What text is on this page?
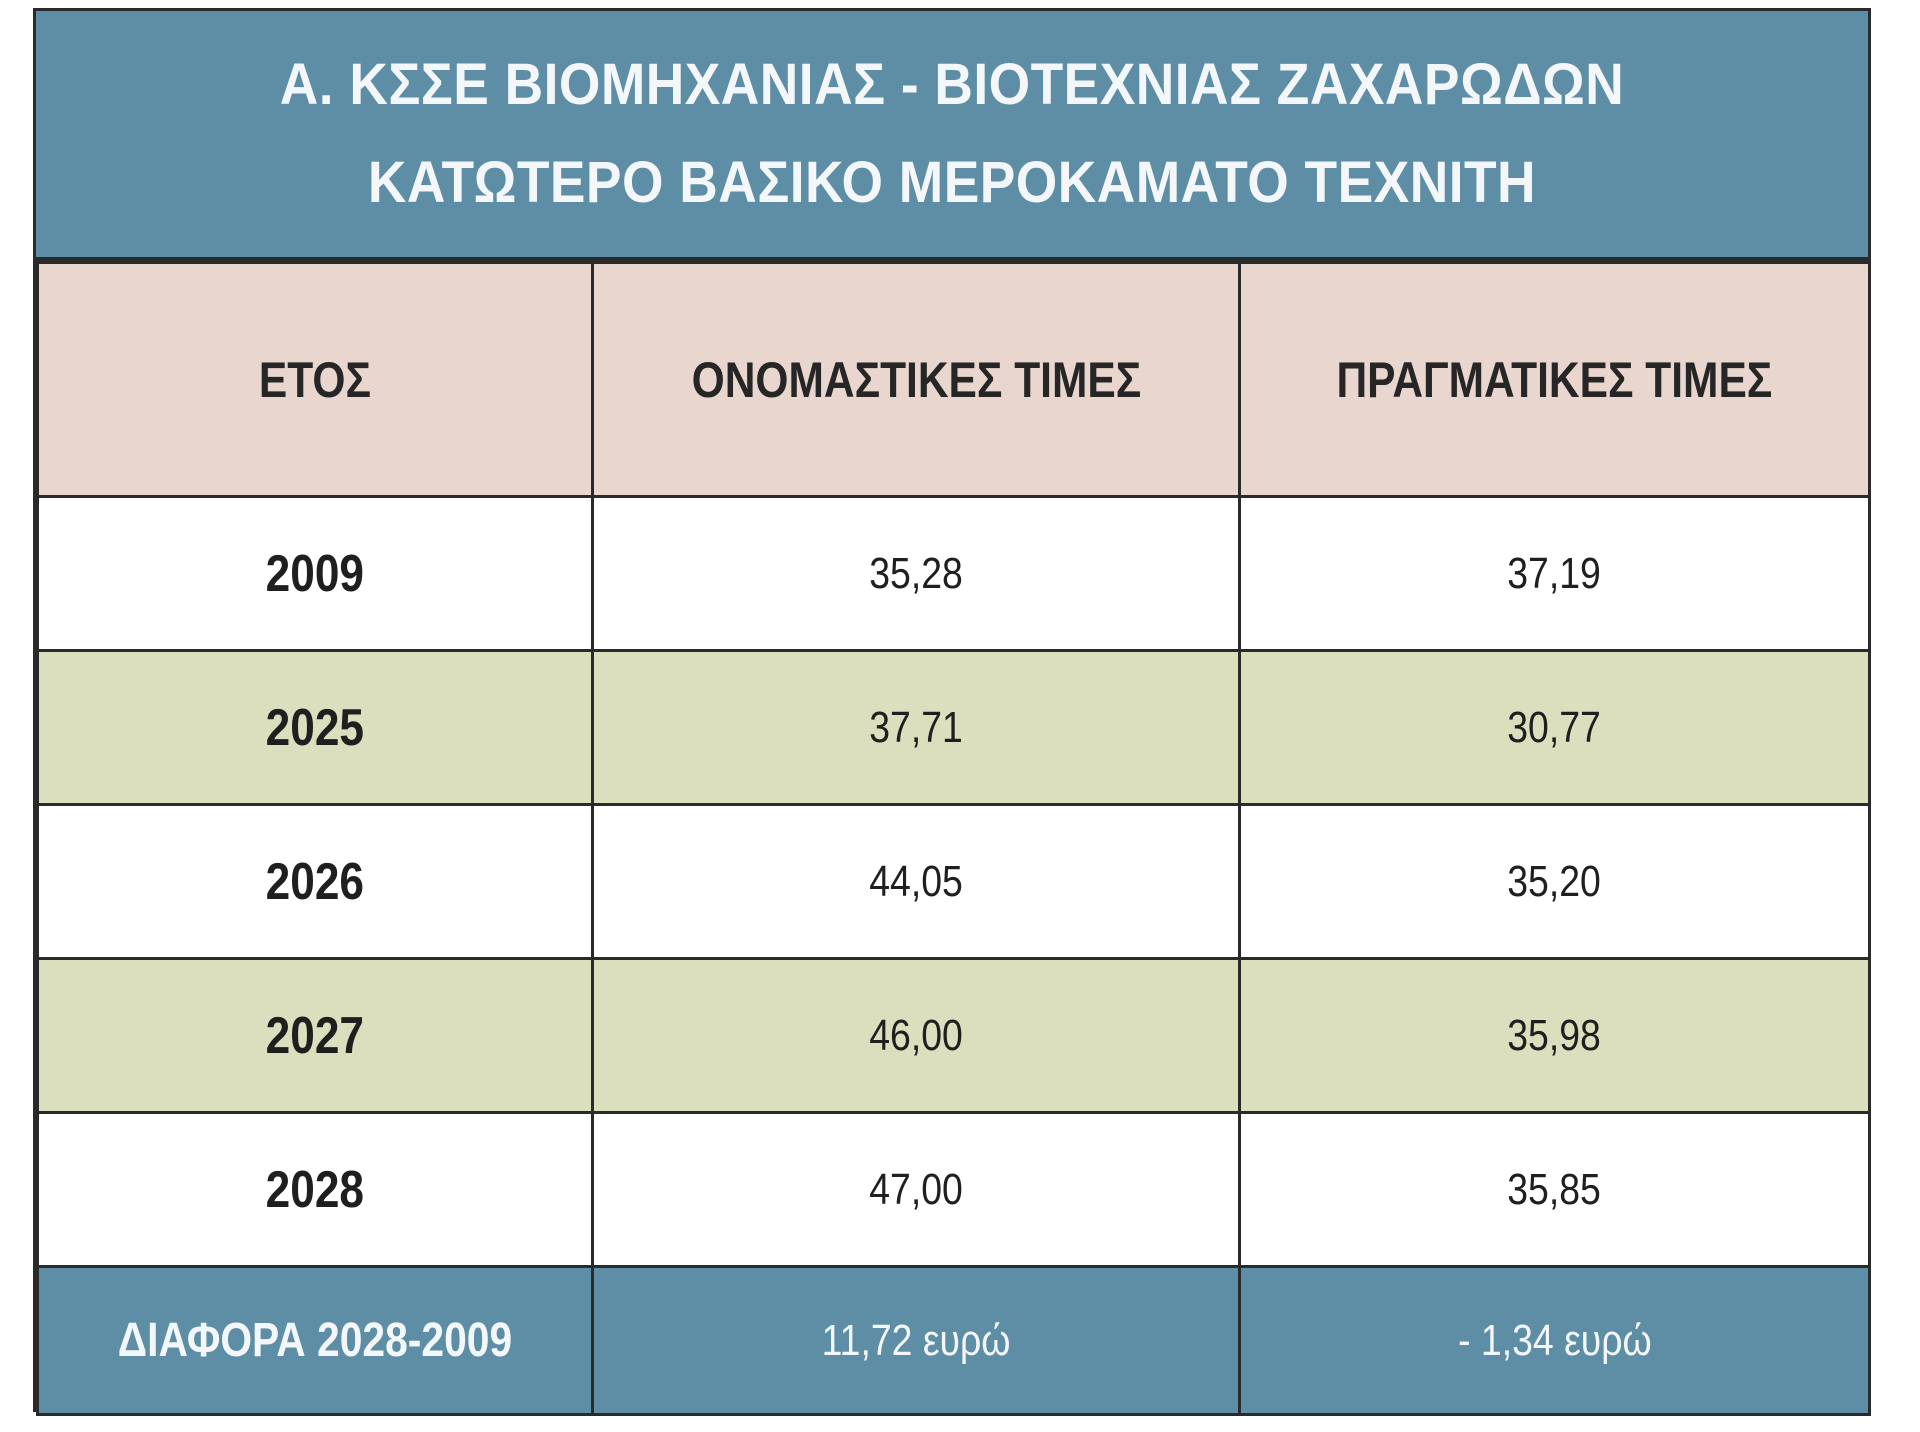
Α. ΚΣΣΕ ΒΙΟΜΗΧΑΝΙΑΣ - ΒΙΟΤΕΧΝΙΑΣ ΖΑΧΑΡΩΔΩΝ ΚΑΤΩΤΕΡΟ ΒΑΣΙΚΟ ΜΕΡΟΚΑΜΑΤΟ ΤΕΧΝΙΤΗ
ΕΤΟΣ	ΟΝΟΜΑΣΤΙΚΕΣ ΤΙΜΕΣ	ΠΡΑΓΜΑΤΙΚΕΣ ΤΙΜΕΣ
2009	35,28	37,19
2025	37,71	30,77
2026	44,05	35,20
2027	46,00	35,98
2028	47,00	35,85
ΔΙΑΦΟΡΑ 2028-2009	11,72 ευρώ	- 1,34 ευρώ
